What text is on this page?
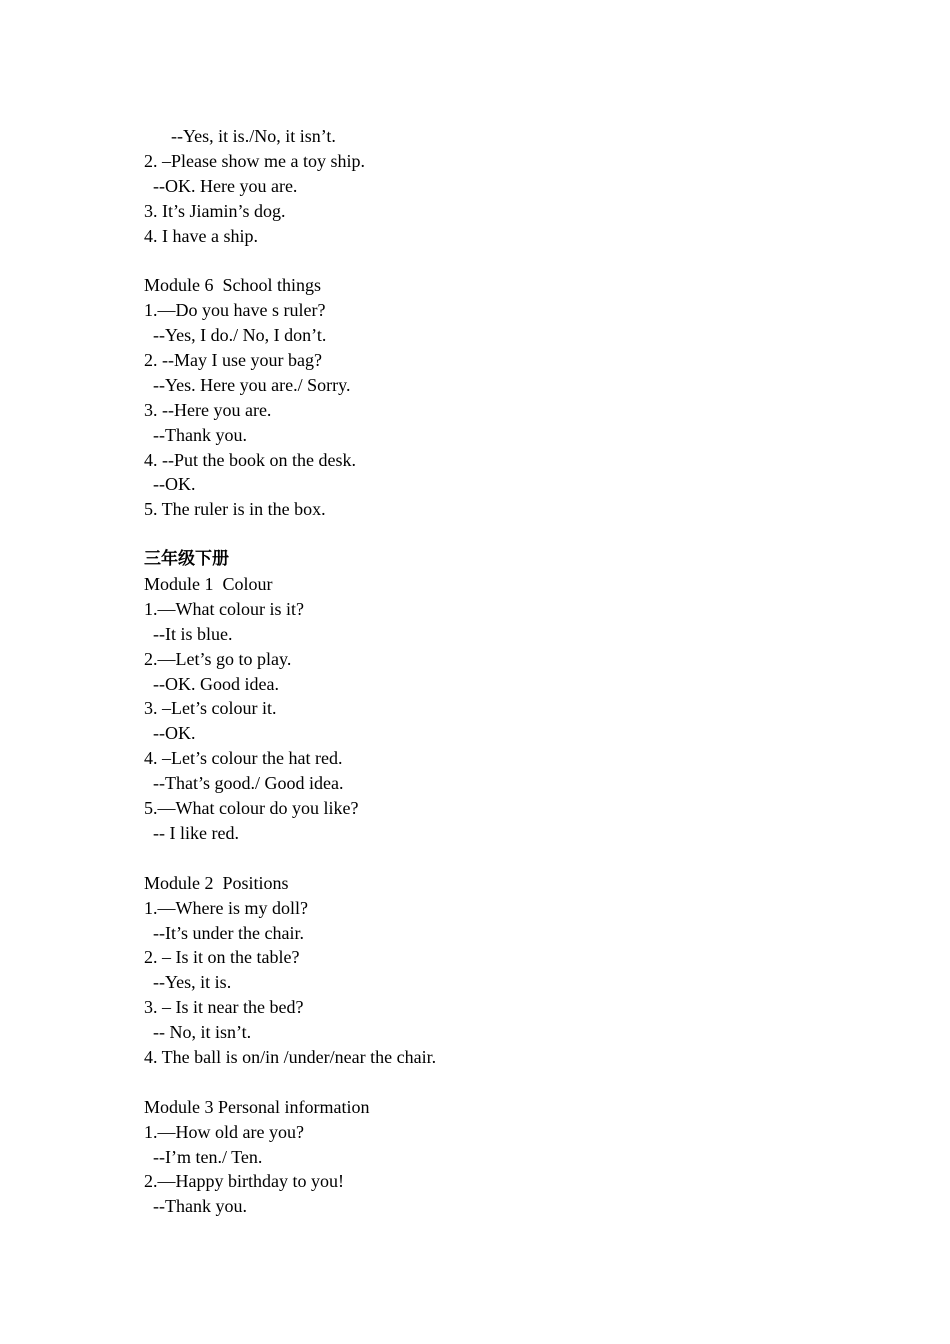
--Yes, it is./No, it isn’t.
2. –Please show me a toy ship.
--OK. Here you are.
3. It’s Jiamin’s dog.
4. I have a ship.
Module 6  School things
1.—Do you have s ruler?
--Yes, I do./ No, I don’t.
2. --May I use your bag?
--Yes. Here you are./ Sorry.
3. --Here you are.
--Thank you.
4. --Put the book on the desk.
--OK.
5. The ruler is in the box.
三年级下册
Module 1  Colour
1.—What colour is it?
--It is blue.
2.—Let’s go to play.
--OK. Good idea.
3. –Let’s colour it.
--OK.
4. –Let’s colour the hat red.
--That’s good./ Good idea.
5.—What colour do you like?
-- I like red.
Module 2  Positions
1.—Where is my doll?
--It’s under the chair.
2. – Is it on the table?
--Yes, it is.
3. – Is it near the bed?
-- No, it isn’t.
4. The ball is on/in /under/near the chair.
Module 3 Personal information
1.—How old are you?
--I’m ten./ Ten.
2.—Happy birthday to you!
--Thank you.
